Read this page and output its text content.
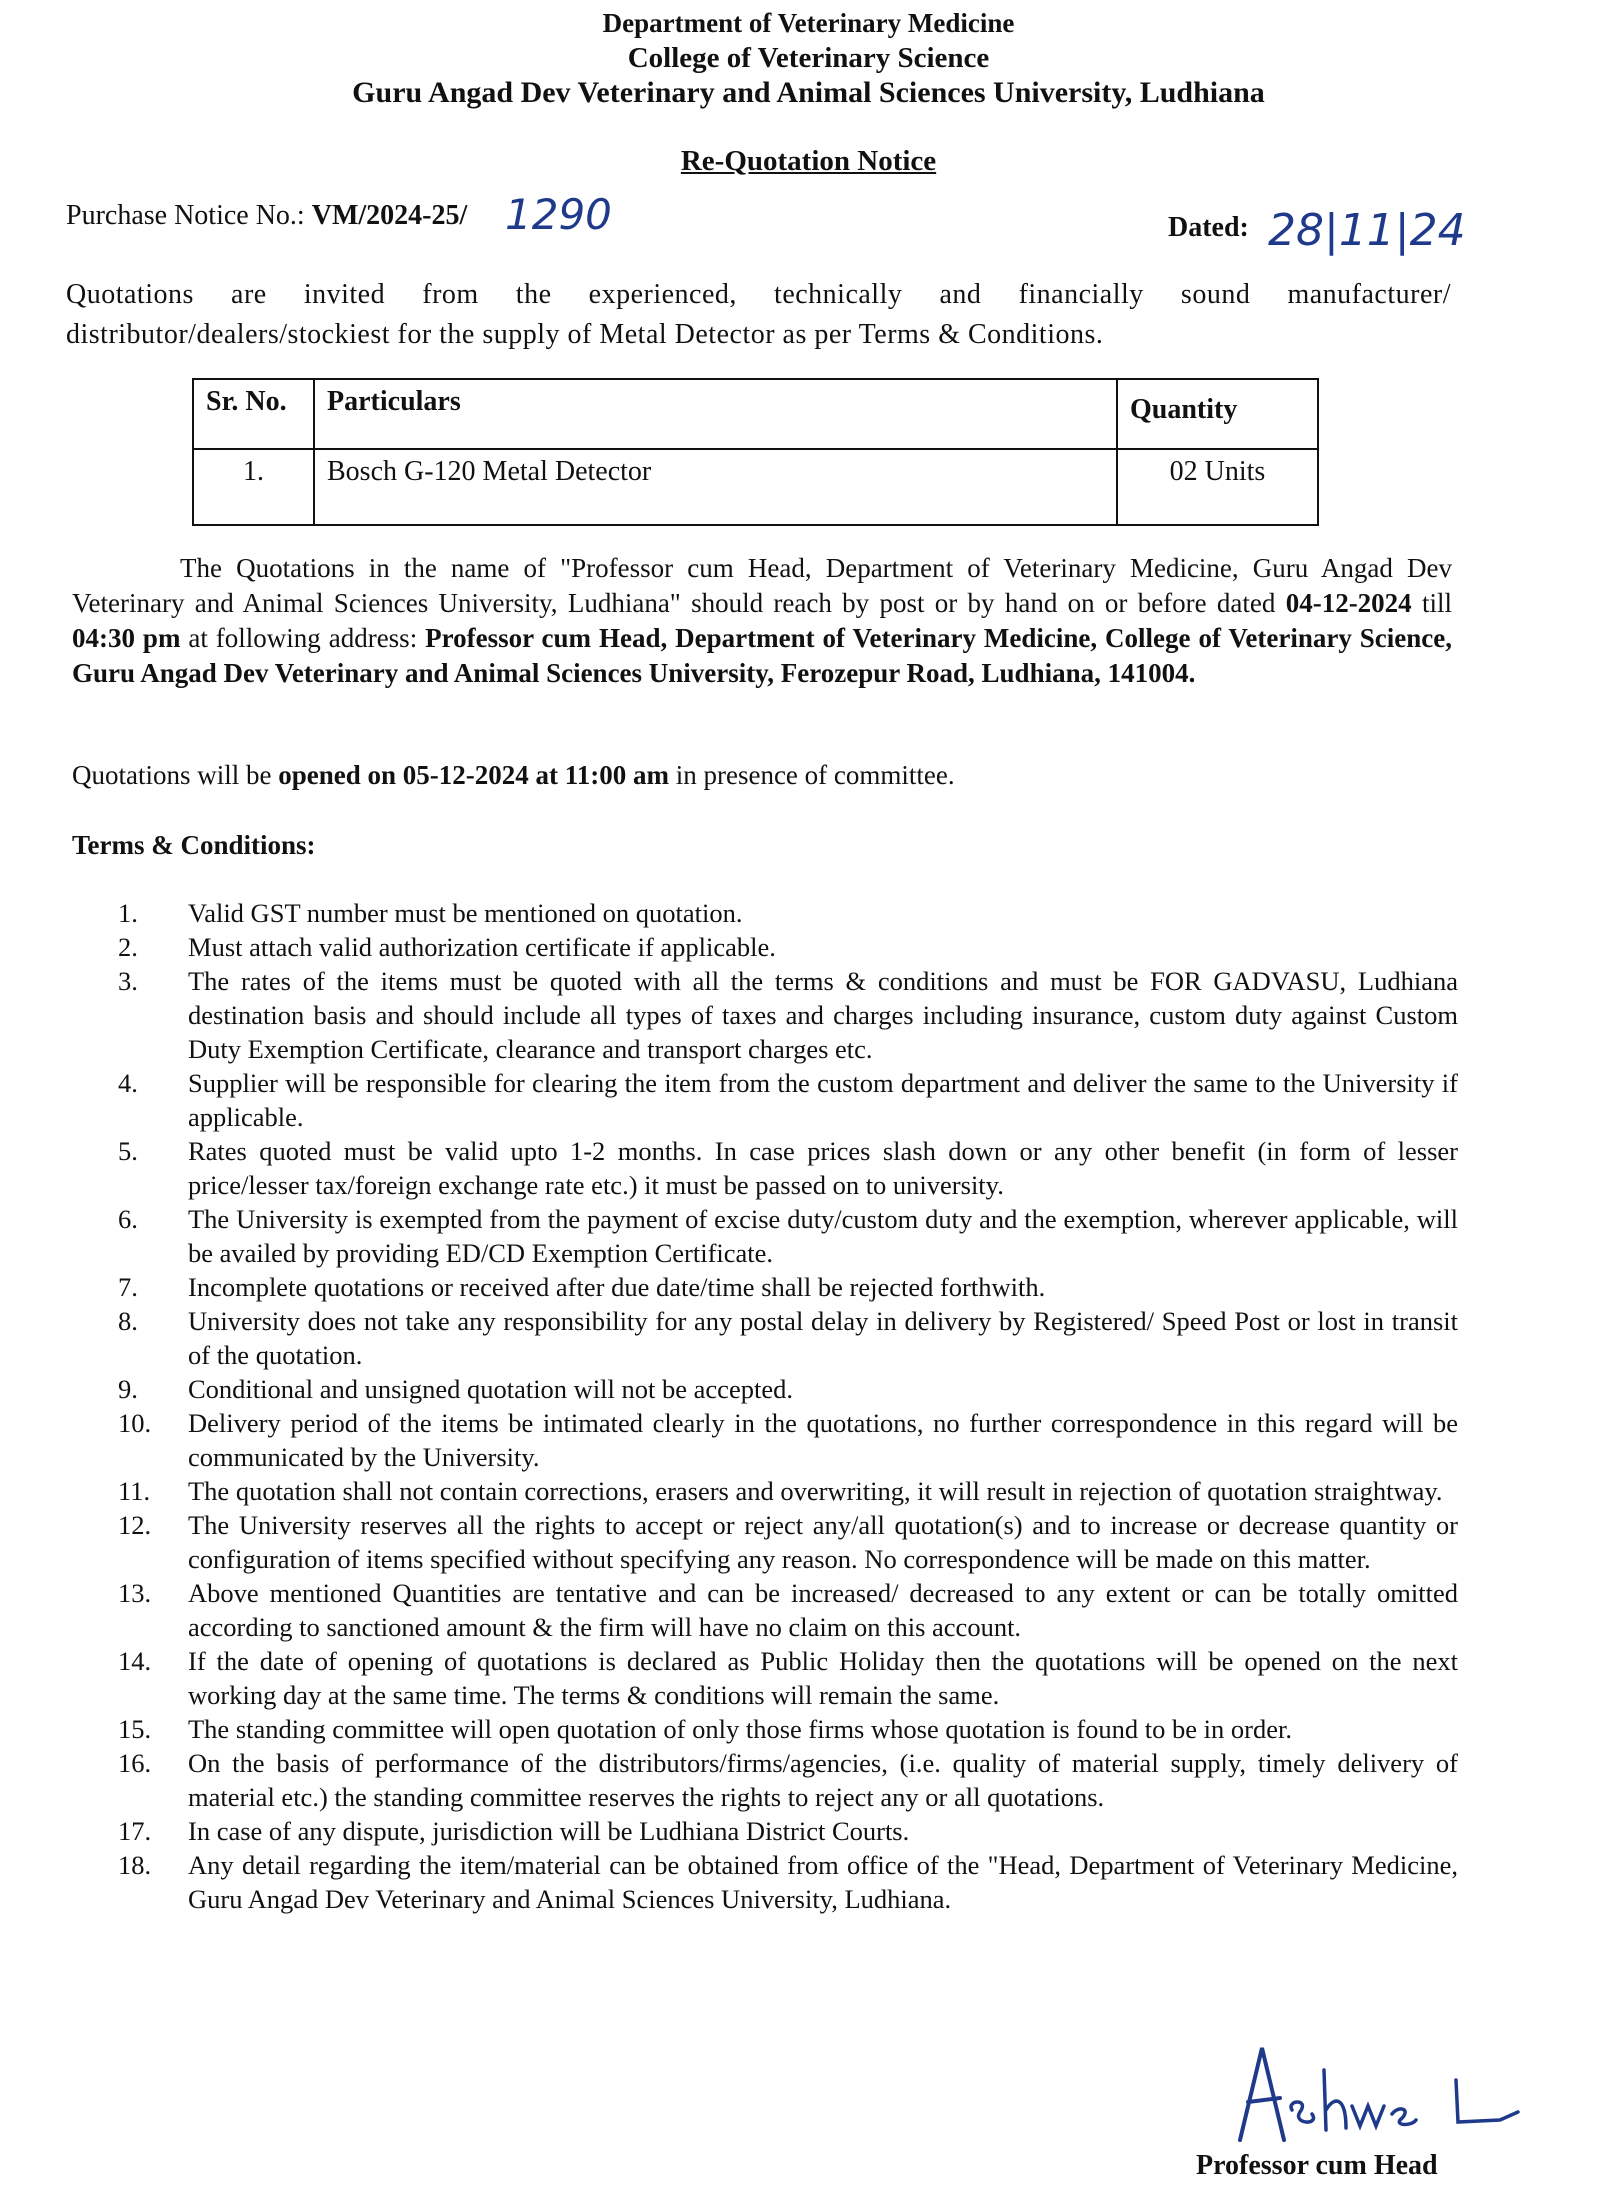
Department of Veterinary Medicine
College of Veterinary Science
Guru Angad Dev Veterinary and Animal Sciences University, Ludhiana
Re-Quotation Notice
Purchase Notice No.: VM/2024-25/ 1290	Dated: 28|11|24
Quotations are invited from the experienced, technically and financially sound manufacturer/ distributor/dealers/stockiest for the supply of Metal Detector as per Terms & Conditions.
Sr. No.	Particulars	Quantity
1.	Bosch G-120 Metal Detector	02 Units
The Quotations in the name of "Professor cum Head, Department of Veterinary Medicine, Guru Angad Dev Veterinary and Animal Sciences University, Ludhiana" should reach by post or by hand on or before dated 04-12-2024 till 04:30 pm at following address: Professor cum Head, Department of Veterinary Medicine, College of Veterinary Science, Guru Angad Dev Veterinary and Animal Sciences University, Ferozepur Road, Ludhiana, 141004.
Quotations will be opened on 05-12-2024 at 11:00 am in presence of committee.
Terms & Conditions:
1.	Valid GST number must be mentioned on quotation.
2.	Must attach valid authorization certificate if applicable.
3.	The rates of the items must be quoted with all the terms & conditions and must be FOR GADVASU, Ludhiana destination basis and should include all types of taxes and charges including insurance, custom duty against Custom Duty Exemption Certificate, clearance and transport charges etc.
4.	Supplier will be responsible for clearing the item from the custom department and deliver the same to the University if applicable.
5.	Rates quoted must be valid upto 1-2 months. In case prices slash down or any other benefit (in form of lesser price/lesser tax/foreign exchange rate etc.) it must be passed on to university.
6.	The University is exempted from the payment of excise duty/custom duty and the exemption, wherever applicable, will be availed by providing ED/CD Exemption Certificate.
7.	Incomplete quotations or received after due date/time shall be rejected forthwith.
8.	University does not take any responsibility for any postal delay in delivery by Registered/ Speed Post or lost in transit of the quotation.
9.	Conditional and unsigned quotation will not be accepted.
10.	Delivery period of the items be intimated clearly in the quotations, no further correspondence in this regard will be communicated by the University.
11.	The quotation shall not contain corrections, erasers and overwriting, it will result in rejection of quotation straightway.
12.	The University reserves all the rights to accept or reject any/all quotation(s) and to increase or decrease quantity or configuration of items specified without specifying any reason. No correspondence will be made on this matter.
13.	Above mentioned Quantities are tentative and can be increased/ decreased to any extent or can be totally omitted according to sanctioned amount & the firm will have no claim on this account.
14.	If the date of opening of quotations is declared as Public Holiday then the quotations will be opened on the next working day at the same time. The terms & conditions will remain the same.
15.	The standing committee will open quotation of only those firms whose quotation is found to be in order.
16.	On the basis of performance of the distributors/firms/agencies, (i.e. quality of material supply, timely delivery of material etc.) the standing committee reserves the rights to reject any or all quotations.
17.	In case of any dispute, jurisdiction will be Ludhiana District Courts.
18.	Any detail regarding the item/material can be obtained from office of the "Head, Department of Veterinary Medicine, Guru Angad Dev Veterinary and Animal Sciences University, Ludhiana.
Professor cum Head
